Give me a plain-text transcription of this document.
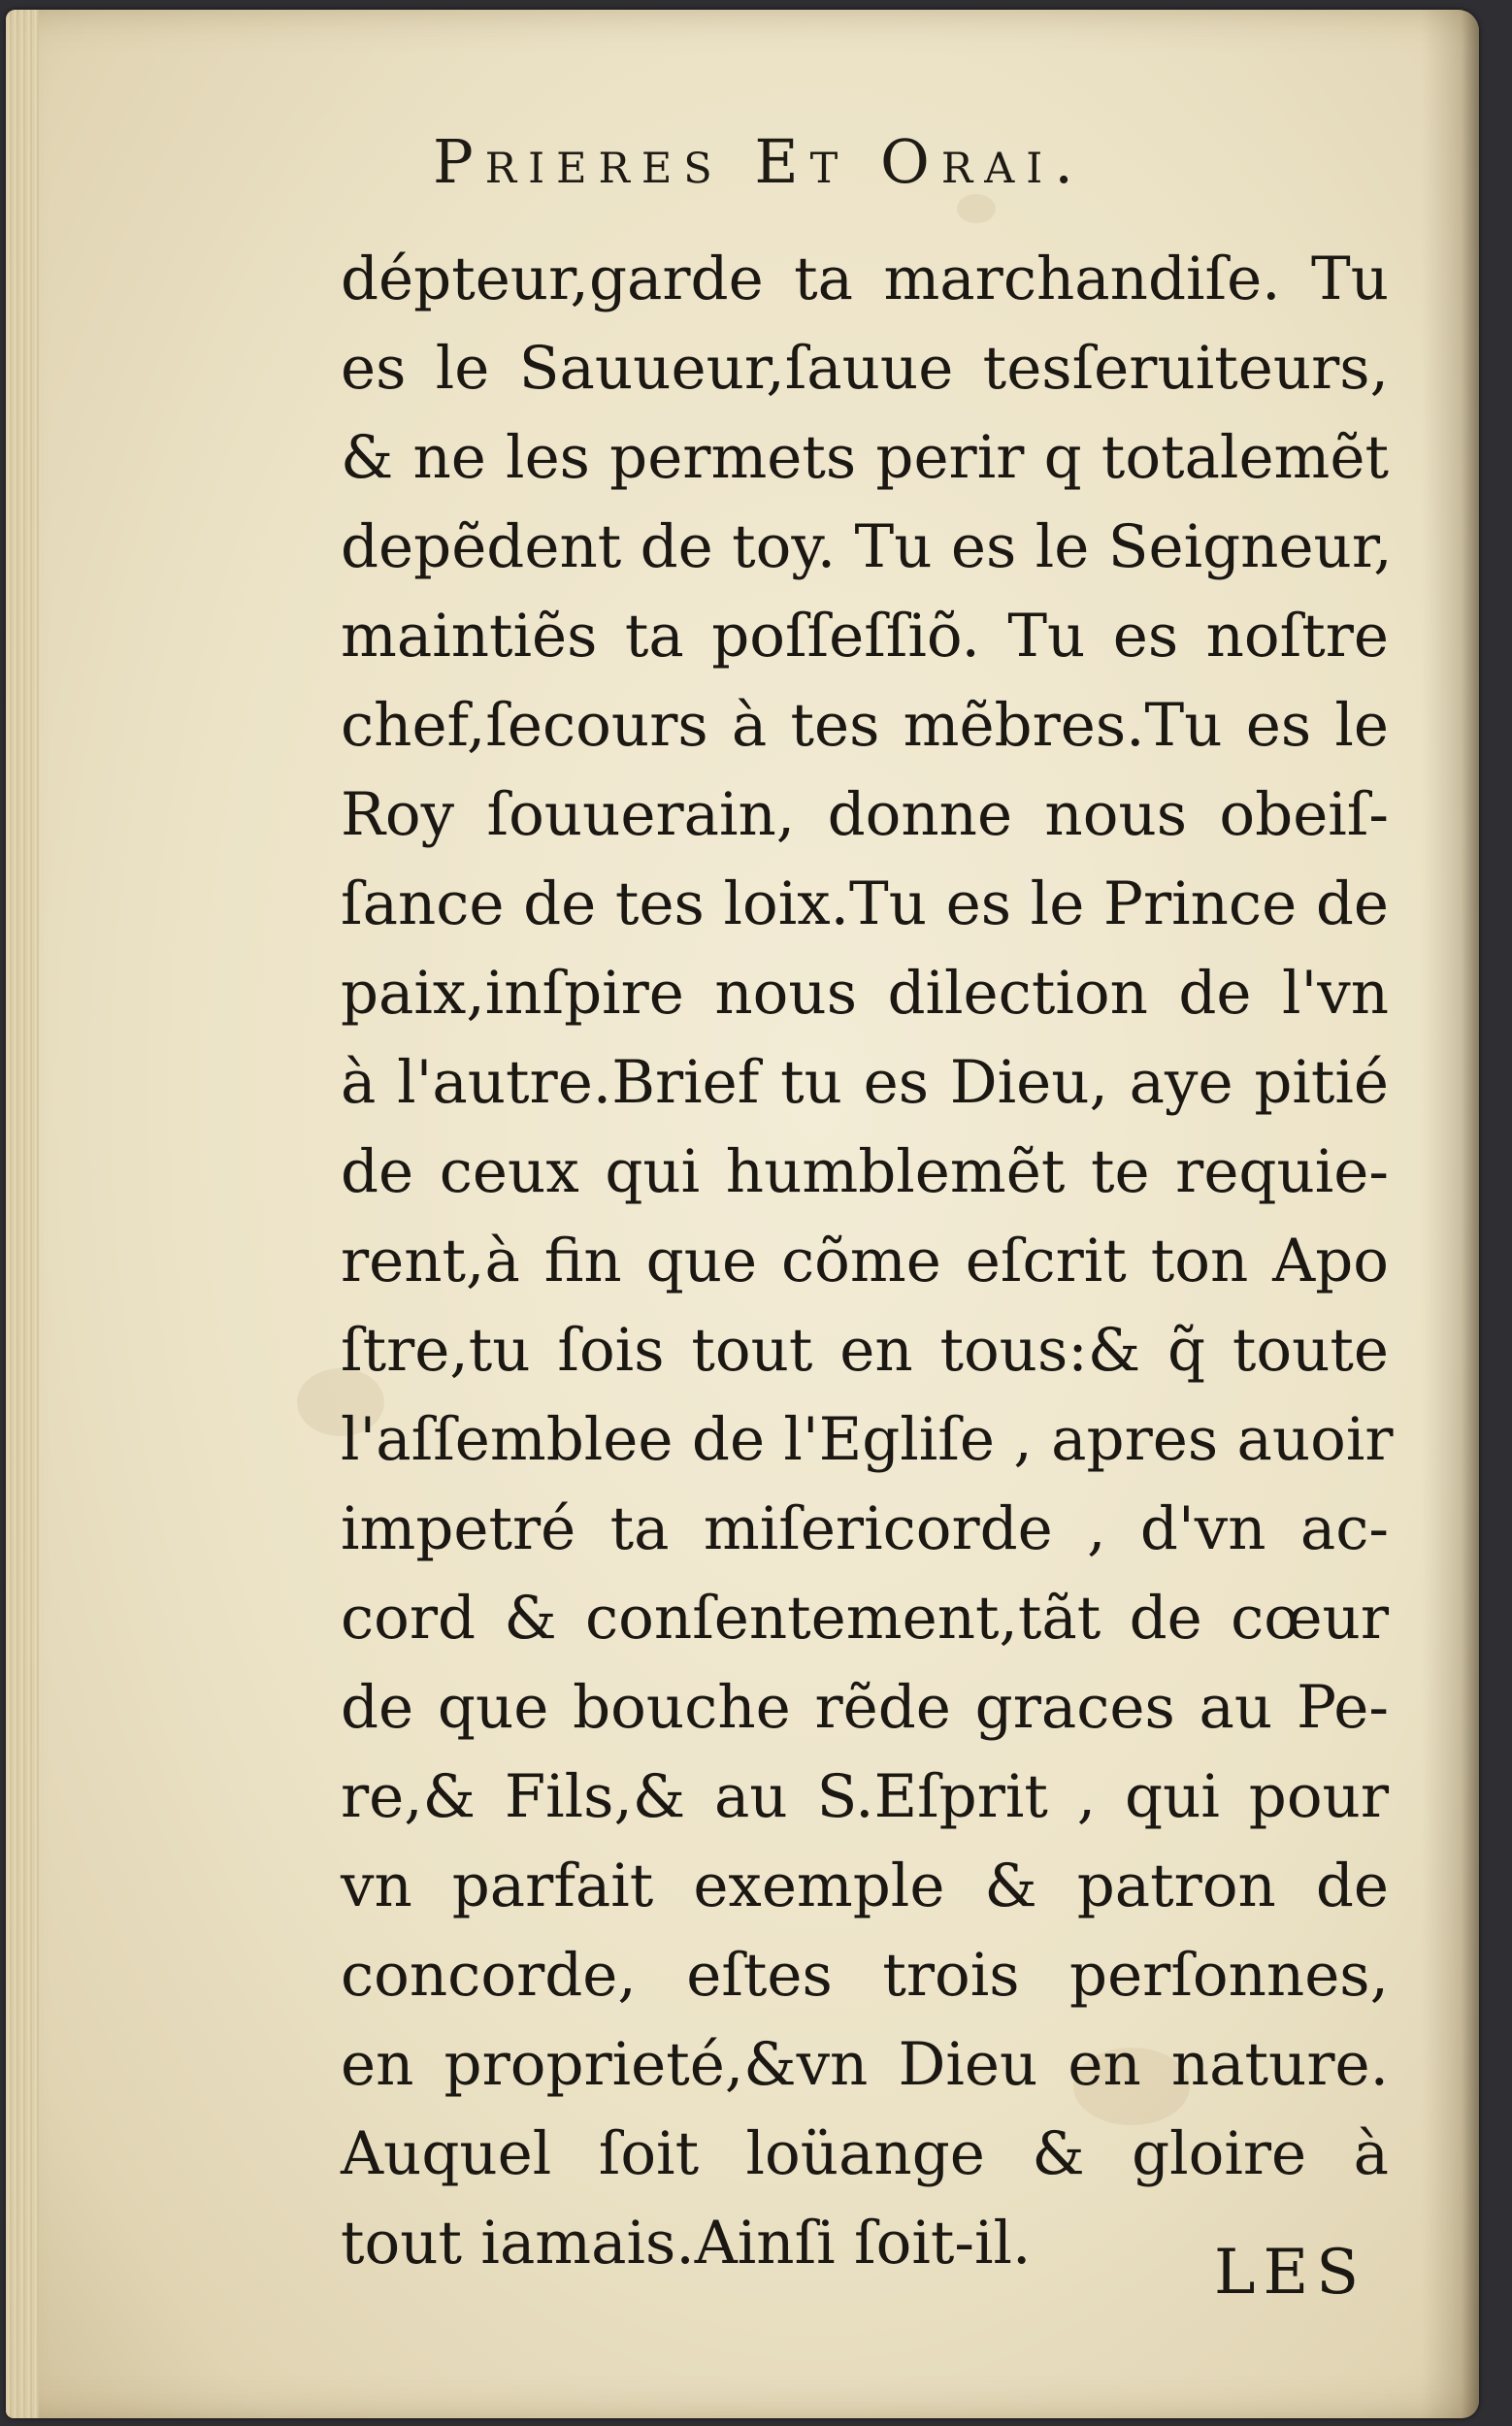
Prieres Et Orai.
dépteur,garde ta marchandiſe. Tu
es le Sauueur,ſauue tesſeruiteurs,
& ne les permets perir q totalemẽt
depẽdent de toy. Tu es le Seigneur,
maintiẽs ta poſſeſſiõ. Tu es noſtre
chef,ſecours à tes mẽbres.Tu es le
Roy ſouuerain, donne nous obeiſ-
ſance de tes loix.Tu es le Prince de
paix,inſpire nous dilection de l'vn
à l'autre.Brief tu es Dieu, aye pitié
de ceux qui humblemẽt te requie-
rent,à fin que cõme eſcrit ton Apo
ſtre,tu ſois tout en tous:& q̃ toute
l'aſſemblee de l'Egliſe , apres auoir
impetré ta miſericorde , d'vn ac-
cord & conſentement,tãt de cœur
de que bouche rẽde graces au Pe-
re,& Fils,& au S.Eſprit , qui pour
vn parfait exemple & patron de
concorde, eſtes trois perſonnes,
en proprieté,&vn Dieu en nature.
Auquel ſoit loüange & gloire à
tout iamais.Ainſi ſoit-il.	LES
